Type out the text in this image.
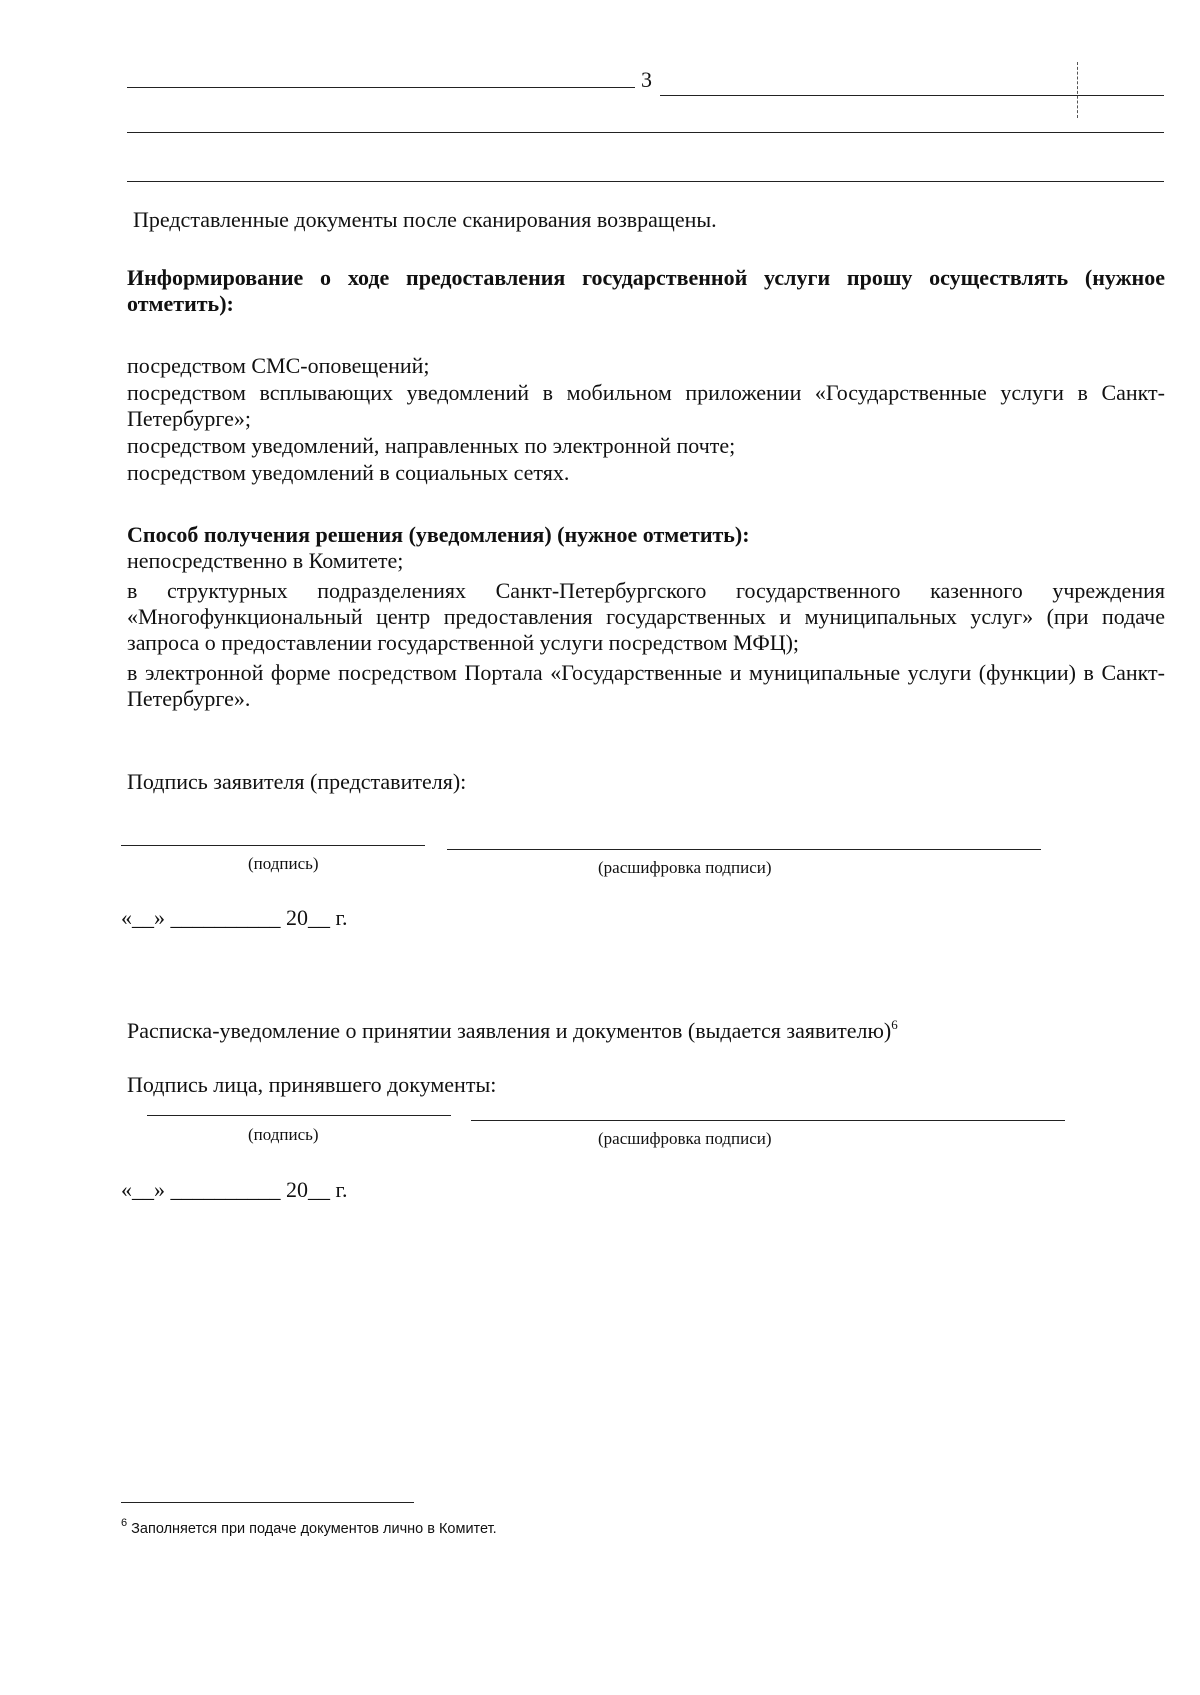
3
Представленные документы после сканирования возвращены.
Информирование о ходе предоставления государственной услуги прошу осуществлять (нужное отметить):
посредством СМС-оповещений;
посредством всплывающих уведомлений в мобильном приложении «Государственные услуги в Санкт-Петербурге»;
посредством уведомлений, направленных по электронной почте;
посредством уведомлений в социальных сетях.
Способ получения решения (уведомления) (нужное отметить):
непосредственно в Комитете;
в структурных подразделениях Санкт-Петербургского государственного казенного учреждения «Многофункциональный центр предоставления государственных и муниципальных услуг» (при подаче запроса о предоставлении государственной услуги посредством МФЦ);
в электронной форме посредством Портала «Государственные и муниципальные услуги (функции) в Санкт-Петербурге».
Подпись заявителя (представителя):
(подпись)	(расшифровка подписи)
«__» __________ 20__ г.
Расписка-уведомление о принятии заявления и документов (выдается заявителю)$^6$
Подпись лица, принявшего документы:
(подпись)	(расшифровка подписи)
«__» __________ 20__ г.
$^6$ Заполняется при подаче документов лично в Комитет.
